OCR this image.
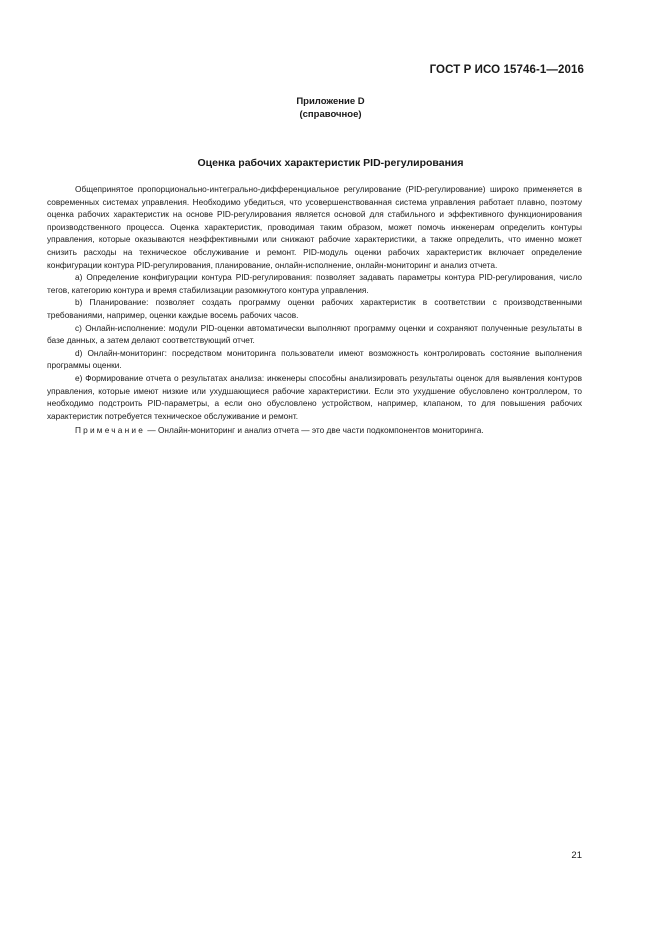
ГОСТ Р ИСО 15746-1—2016
Приложение D
(справочное)
Оценка рабочих характеристик PID-регулирования

Общепринятое пропорционально-интегрально-дифференциальное регулирование (PID-регулирование) широко применяется в современных системах управления. Необходимо убедиться, что усовершенствованная система управления работает плавно, поэтому оценка рабочих характеристик на основе PID-регулирования является основой для стабильного и эффективного функционирования производственного процесса. Оценка характеристик, проводимая таким образом, может помочь инженерам определить контуры управления, которые оказываются неэффективными или снижают рабочие характеристики, а также определить, что именно может снизить расходы на техническое обслуживание и ремонт. PID-модуль оценки рабочих характеристик включает определение конфигурации контура PID-регулирования, планирование, онлайн-исполнение, онлайн-мониторинг и анализ отчета.

a) Определение конфигурации контура PID-регулирования: позволяет задавать параметры контура PID-регулирования, число тегов, категорию контура и время стабилизации разомкнутого контура управления.

b) Планирование: позволяет создать программу оценки рабочих характеристик в соответствии с производственными требованиями, например, оценки каждые восемь рабочих часов.

c) Онлайн-исполнение: модули PID-оценки автоматически выполняют программу оценки и сохраняют полученные результаты в базе данных, а затем делают соответствующий отчет.

d) Онлайн-мониторинг: посредством мониторинга пользователи имеют возможность контролировать состояние выполнения программы оценки.

e) Формирование отчета о результатах анализа: инженеры способны анализировать результаты оценок для выявления контуров управления, которые имеют низкие или ухудшающиеся рабочие характеристики. Если это ухудшение обусловлено контроллером, то необходимо подстроить PID-параметры, а если оно обусловлено устройством, например, клапаном, то для повышения рабочих характеристик потребуется техническое обслуживание и ремонт.

Примечание — Онлайн-мониторинг и анализ отчета — это две части подкомпонентов мониторинга.

21
